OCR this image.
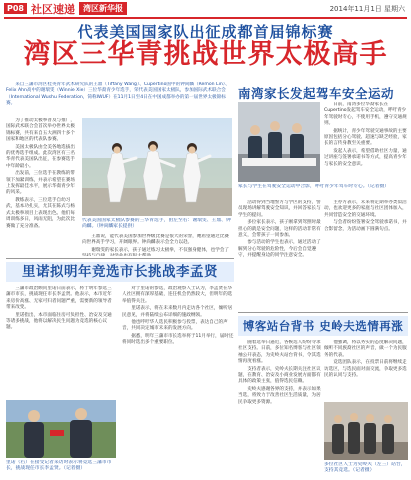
P08 社区速递	湾区新华报	2014年11月1日 星期六
代表美国国家队出征成都首届锦标赛
湾区三华青挑战世界太极高手

来自三藩市湾区桂英青年武术研究队的王鼎（Tiffany Wang）、Cupertino国中的钟尚麟（Remon Lin）、Felix Ahn高中的谢瑞雯（Winnie Xie）三位华裔青少年选手，荣代表美国国家太极队，参加国际武术联合会（International Wushu Federation，简称IWUF）在11月1日至4日在中国成都举办的第一届世界太极锦标赛。

为了推动太极拳普及与推广，国际武术联合会首次举办世界太极锦标赛，共有来自五大洲四十多个国家和地区的代表队参赛。

美国太极队由全美各地选拔出的优秀选手组成。此次湾区有三名华青代表美国队出征，在参赛选手中年龄最小。

出发前，三位选手在教练的带领下加紧训练，并表示希望在赛场上发挥最佳水平，展示华裔青少年的风采。

教练表示，三位选手自幼习武，基本功扎实，尤其在陈式与杨式太极拳项目上表现出色。他们每周训练多日，风雨无阻，为此次比赛做了充分准备。

代表美国国家太极队参赛的三华青选手，由左至右：谢瑞雯、王鼎、钟尚麟。（钟尚麟家长提供）

王鼎说，能代表美国参加世界级比赛是很大的荣誉，她希望通过比赛向世界高手学习，开阔眼界。钟尚麟表示会全力以赴。

谢瑞雯的家长表示，孩子通过练习太极拳，不仅强身健体，也学会了

南湾家长发起驾车安全运动

日前，南湾多位华裔家长在Cupertino发起驾车安全运动，呼吁青少年驾驶时专心，不使用手机，遵守交通规则。

据统计，青少年驾驶交通事故的主要原因包括分心驾驶、超速与缺乏经验，家长的言传身教至关重要。

发起人表示，希望借助社区力量，通过讲座与签署承诺书等方式，提高青少年与家长的安全意识。

家长与学生在驾驶安全运动中合影，呼吁青少年驾车时专心。（记者摄）

活动得到当地警方与学区的支持，警员现场讲解驾驶安全知识，并回答家长与学生的提问。

多位家长表示，孩子刚拿到驾照时最担心的就是安全问题，这样的活动非常有意义，会带孩子一同参加。

参与活动的学生也表示，通过活动了解到分心驾驶的危险性，今后会自觉遵守，并提醒身边的同学注意安全。

主办方表示，未来将定期举办类似活动，也欢迎更多的家庭与社区团体加入，共同营造安全的交通环境。

与会者纷纷签署安全驾驶承诺书，并合影留念，为活动画下圆满句点。

里诺拟明年竞选市长挑战李孟贤

三藩市政治顾问里诺日前表示，将于明年参选三藩市市长，挑战现任市长李孟贤。他表示，本市近年来房价高涨、无家可归者问题严重，需要新的领导者带来改变。

里诺指出，本市面临住房可负担性、治安及交通等诸多挑战，他将以解决民生问题为竞选的核心议题。

对于里诺的参选，政治观察人士认为，李孟贤在华人社区拥有深厚基础，连任机会仍然较大，但明年的选举值得关注。

里诺表示，将在未来数月内走访各个社区，倾听居民意见，并将陆续公布详细的施政纲领。

他也呼吁华人选民积极参与投票，表达自己的声音，共同决定城市未来的发展方向。

据悉，明年三藩市市长选举将于11月举行，届时还将同时选出多个重要职位。

里诺（右）在接受记者采访时表示将竞选三藩市市长，挑战现任市长李孟贤。（记者摄）
博客站台背书 史岭夫选情再涨

随着选举日逼近，各候选人纷纷寻求社区支持。日前，多位知名博客与社区领袖公开表态，为史岭夫站台背书，令其选情再度看涨。

支持者表示，史岭夫长期关注社区议题，在教育、治安及小商业发展方面都有具体的政策主张，值得选民信赖。

史岭夫感谢各界的支持，并表示如果当选，将致力于改善社区生活质量，为居民争取更多资源。

他强调，将以务实的态度解决问题，倾听不同族裔社区的声音，做一个为民服务的代表。

竞选团队表示，在投票日前将继续走访选区，与选民面对面交流，争取更多选民的认同与支持。

多位社区人士为史岭夫（左三）站台，支持其竞选。（记者摄）
